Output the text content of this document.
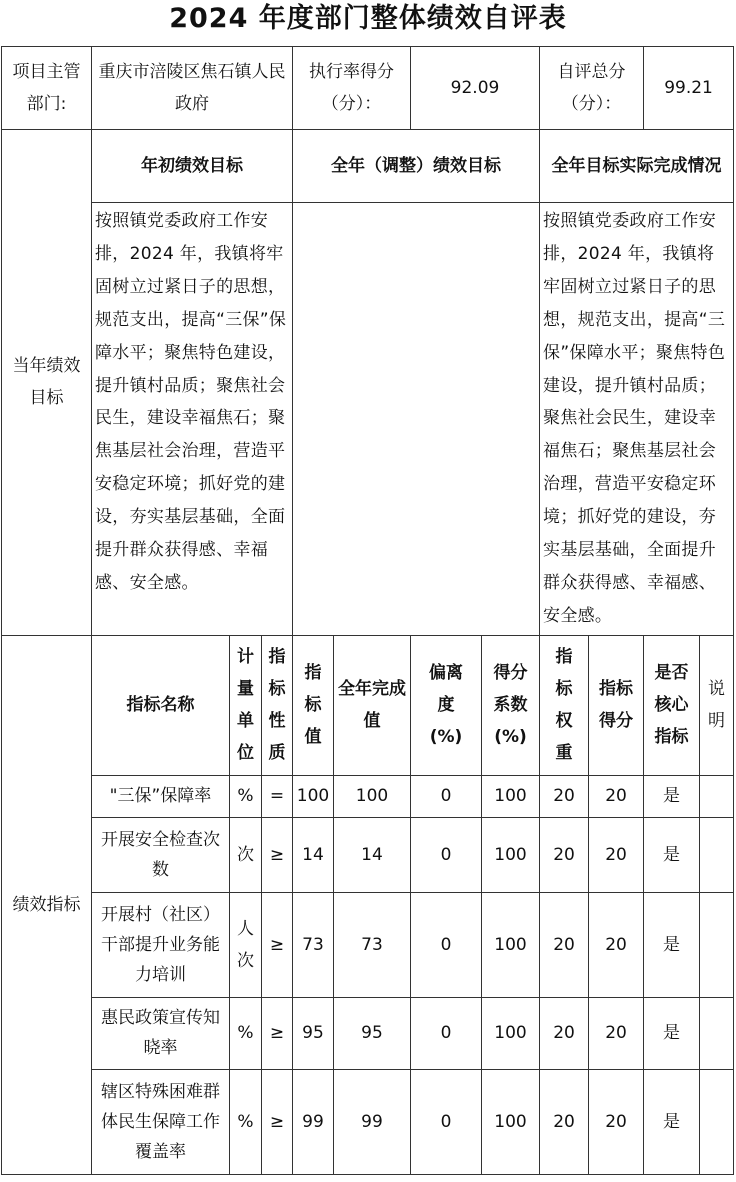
2024 年度部门整体绩效自评表
项目主管部门:	重庆市涪陵区焦石镇人民政府			执行率得分（分）：		92.09		自评总分（分）：		99.21	
当年绩效目标	年初绩效目标			全年（调整）绩效目标				全年目标实际完成情况			
	按照镇党委政府工作安排，2024 年，我镇将牢固树立过紧日子的思想，规范支出，提高“三保”保障水平；聚焦特色建设，提升镇村品质；聚焦社会民生，建设幸福焦石；聚焦基层社会治理，营造平安稳定环境；抓好党的建设，夯实基层基础，全面提升群众获得感、幸福感、安全感。							按照镇党委政府工作安排，2024 年，我镇将牢固树立过紧日子的思想，规范支出，提高“三保”保障水平；聚焦特色建设，提升镇村品质；聚焦社会民生，建设幸福焦石；聚焦基层社会治理，营造平安稳定环境；抓好党的建设，夯实基层基础，全面提升群众获得感、幸福感、安全感。			
绩效指标	指标名称	计量单位	指标性质	指标值	全年完成值	偏离度(%)	得分系数(%)	指标权重	指标得分	是否核心指标	说明
	"三保”保障率	%	=	100	100	0	100	20	20	是	
	开展安全检查次数	次	≥	14	14	0	100	20	20	是	
	开展村（社区）干部提升业务能力培训	人次	≥	73	73	0	100	20	20	是	
	惠民政策宣传知晓率	%	≥	95	95	0	100	20	20	是	
	辖区特殊困难群体民生保障工作覆盖率	%	≥	99	99	0	100	20	20	是	
